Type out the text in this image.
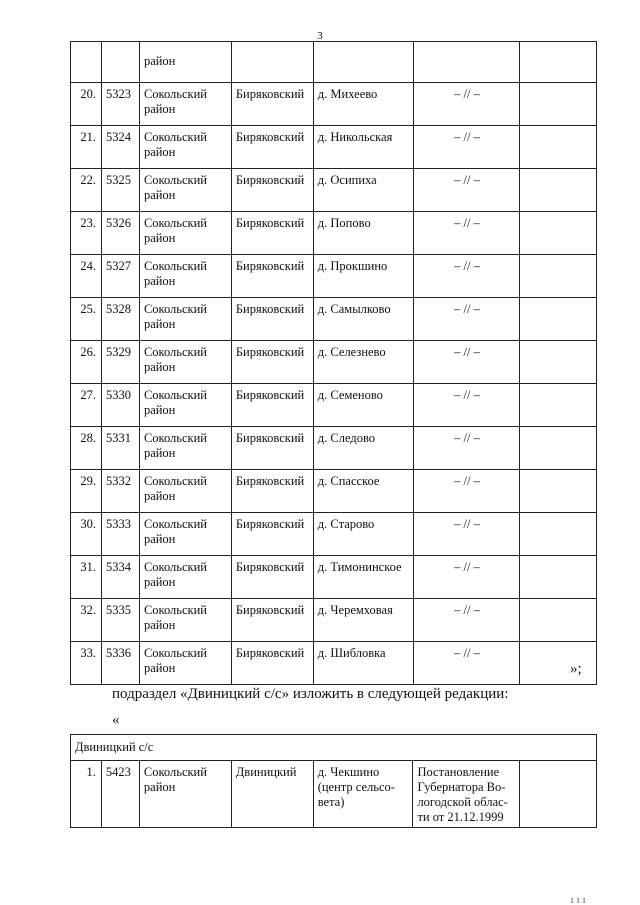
3
		район				
20.	5323	Сокольский район	Биряковский	д. Михеево	– // –	
21.	5324	Сокольский район	Биряковский	д. Никольская	– // –	
22.	5325	Сокольский район	Биряковский	д. Осипиха	– // –	
23.	5326	Сокольский район	Биряковский	д. Попово	– // –	
24.	5327	Сокольский район	Биряковский	д. Прокшино	– // –	
25.	5328	Сокольский район	Биряковский	д. Самылково	– // –	
26.	5329	Сокольский район	Биряковский	д. Селезнево	– // –	
27.	5330	Сокольский район	Биряковский	д. Семеново	– // –	
28.	5331	Сокольский район	Биряковский	д. Следово	– // –	
29.	5332	Сокольский район	Биряковский	д. Спасское	– // –	
30.	5333	Сокольский район	Биряковский	д. Старово	– // –	
31.	5334	Сокольский район	Биряковский	д. Тимонинское	– // –	
32.	5335	Сокольский район	Биряковский	д. Черемховая	– // –	
33.	5336	Сокольский район	Биряковский	д. Шибловка	– // –	
»;
подраздел «Двиницкий с/с» изложить в следующей редакции:
«
Двиницкий с/с
1.	5423	Сокольский район	Двиницкий	д. Чекшино (центр сельсо-вета)	Постановление Губернатора Во-логодской облас-ти от 21.12.1999	
1 1 1
